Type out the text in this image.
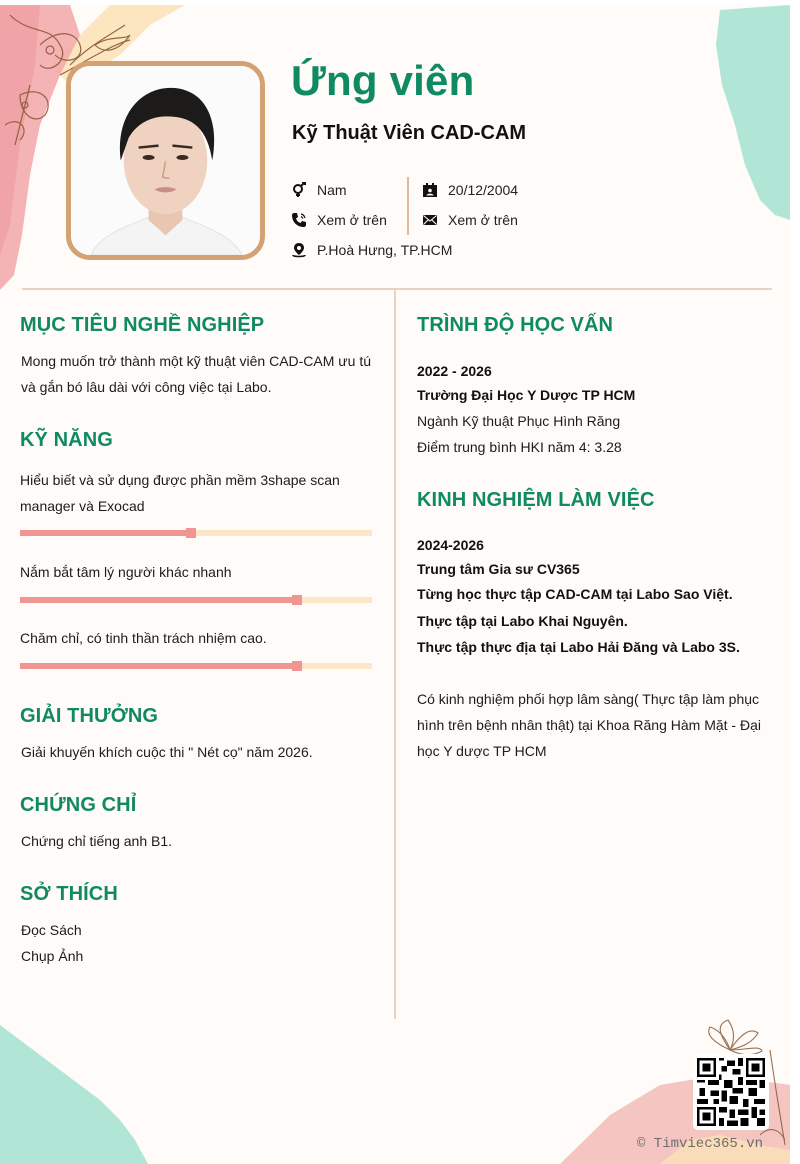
Ứng viên
Kỹ Thuật Viên CAD-CAM
Nam
Xem ở trên
P.Hoà Hưng, TP.HCM
20/12/2004
Xem ở trên
MỤC TIÊU NGHỀ NGHIỆP
Mong muốn trở thành một kỹ thuật viên CAD-CAM ưu tú
và gắn bó lâu dài với công việc tại Labo.
KỸ NĂNG
Hiểu biết và sử dụng được phần mềm 3shape scan
manager và Exocad
Nắm bắt tâm lý người khác nhanh
Chăm chỉ, có tinh thần trách nhiệm cao.
GIẢI THƯỞNG
Giải khuyến khích cuộc thi " Nét cọ" năm 2026.
CHỨNG CHỈ
Chứng chỉ tiếng anh B1.
SỞ THÍCH
Đọc Sách
Chụp Ảnh
TRÌNH ĐỘ HỌC VẤN
2022 - 2026
Trường Đại Học Y Dược TP HCM
Ngành Kỹ thuật Phục Hình Răng
Điểm trung bình HKI năm 4: 3.28
KINH NGHIỆM LÀM VIỆC
2024-2026
Trung tâm Gia sư CV365
Từng học thực tập CAD-CAM tại Labo Sao Việt.
Thực tập tại Labo Khai Nguyên.
Thực tập thực địa tại Labo Hải Đăng và Labo 3S.
Có kinh nghiệm phối hợp lâm sàng( Thực tập làm phục
hình trên bệnh nhân thật) tại Khoa Răng Hàm Mặt - Đại
học Y dược TP HCM
© Timviec365.vn
